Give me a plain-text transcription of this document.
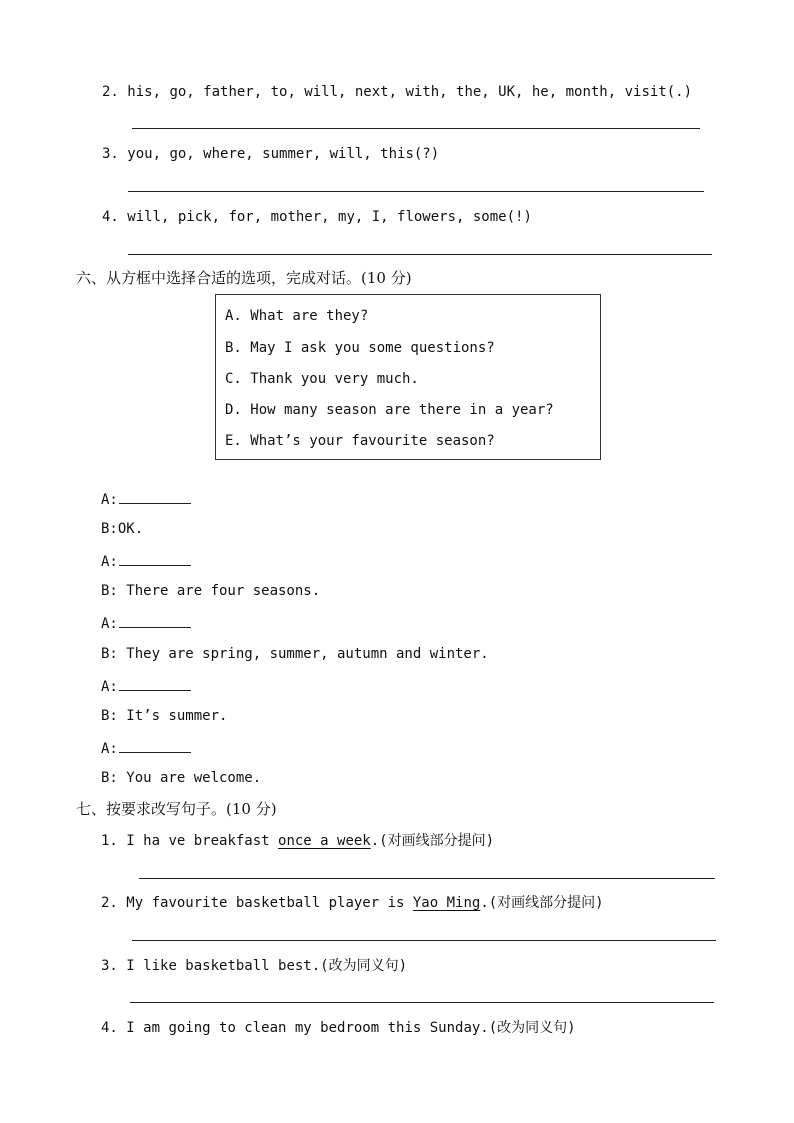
2. his, go, father, to, will, next, with, the, UK, he, month, visit(.)
3. you, go, where, summer, will, this(?)
4. will, pick, for, mother, my, I, flowers, some(!)
六、从方框中选择合适的选项，完成对话。(10 分)
A. What are they?
B. May I ask you some questions?
C. Thank you very much.
D. How many season are there in a year?
E. What’s your favourite season?
A:
B:OK.
A:
B: There are four seasons.
A:
B: They are spring, summer, autumn and winter.
A:
B: It’s summer.
A:
B: You are welcome.
七、按要求改写句子。(10 分)
1. I ha ve breakfast once a week.(对画线部分提问)
2. My favourite basketball player is Yao Ming.(对画线部分提问)
3. I like basketball best.(改为同义句)
4. I am going to clean my bedroom this Sunday.(改为同义句)
